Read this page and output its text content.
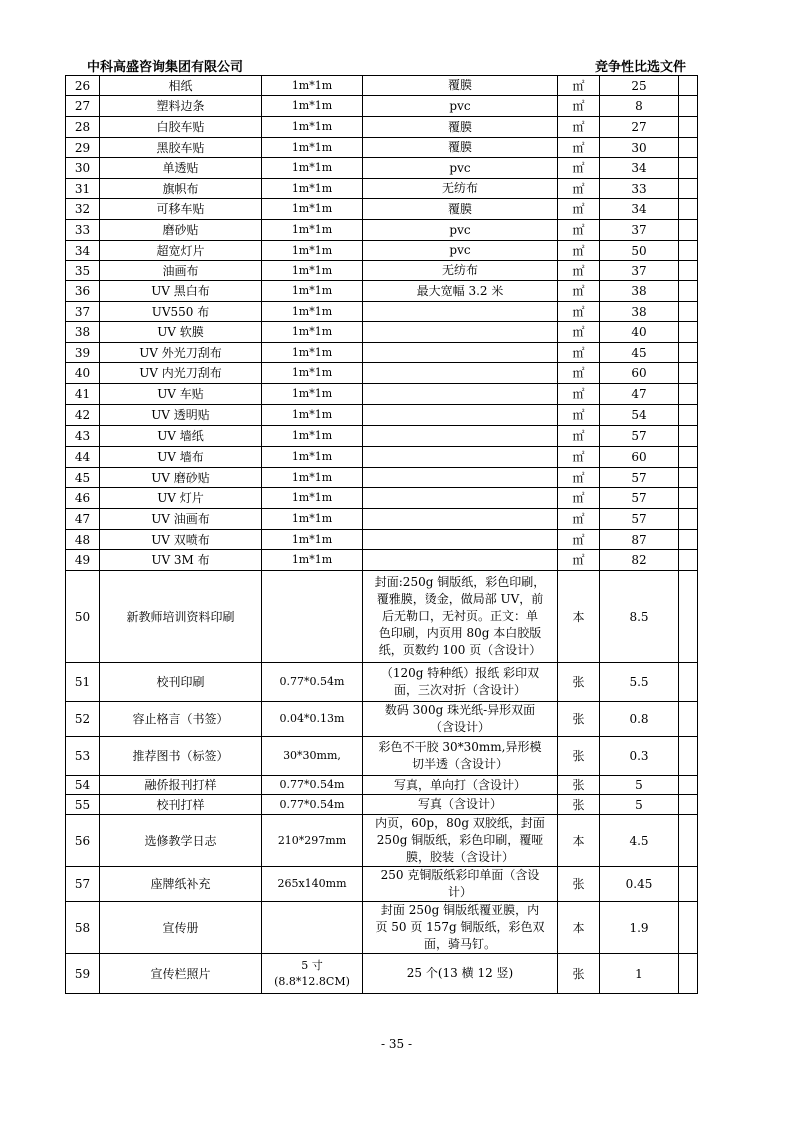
中科高盛咨询集团有限公司	竞争性比选文件
26	相纸	1m*1m	覆膜	㎡	25	
27	塑料边条	1m*1m	pvc	㎡	8	
28	白胶车贴	1m*1m	覆膜	㎡	27	
29	黑胶车贴	1m*1m	覆膜	㎡	30	
30	单透贴	1m*1m	pvc	㎡	34	
31	旗帜布	1m*1m	无纺布	㎡	33	
32	可移车贴	1m*1m	覆膜	㎡	34	
33	磨砂贴	1m*1m	pvc	㎡	37	
34	超宽灯片	1m*1m	pvc	㎡	50	
35	油画布	1m*1m	无纺布	㎡	37	
36	UV 黑白布	1m*1m	最大宽幅 3.2 米	㎡	38	
37	UV550 布	1m*1m		㎡	38	
38	UV 软膜	1m*1m		㎡	40	
39	UV 外光刀刮布	1m*1m		㎡	45	
40	UV 内光刀刮布	1m*1m		㎡	60	
41	UV 车贴	1m*1m		㎡	47	
42	UV 透明贴	1m*1m		㎡	54	
43	UV 墙纸	1m*1m		㎡	57	
44	UV 墙布	1m*1m		㎡	60	
45	UV 磨砂贴	1m*1m		㎡	57	
46	UV 灯片	1m*1m		㎡	57	
47	UV 油画布	1m*1m		㎡	57	
48	UV 双喷布	1m*1m		㎡	87	
49	UV 3M 布	1m*1m		㎡	82	
50	新教师培训资料印刷		封面:250g 铜版纸，彩色印刷，
覆雅膜，烫金，做局部 UV，前
后无勒口，无衬页。正文：单
色印刷，内页用 80g 本白胶版
纸，页数约 100 页（含设计）	本	8.5	
51	校刊印刷	0.77*0.54m	（120g 特种纸）报纸 彩印双
面，三次对折（含设计）	张	5.5	
52	容止格言（书签）	0.04*0.13m	数码 300g 珠光纸-异形双面
（含设计）	张	0.8	
53	推荐图书（标签）	30*30mm,	彩色不干胶 30*30mm,异形模
切半透（含设计）	张	0.3	
54	融侨报刊打样	0.77*0.54m	写真，单向打（含设计）	张	5	
55	校刊打样	0.77*0.54m	写真（含设计）	张	5	
56	选修教学日志	210*297mm	内页，60p，80g 双胶纸，封面
250g 铜版纸，彩色印刷，覆哑
膜，胶装（含设计）	本	4.5	
57	座牌纸补充	265x140mm	250 克铜版纸彩印单面（含设
计）	张	0.45	
58	宣传册		封面 250g 铜版纸覆亚膜，内
页 50 页 157g 铜版纸，彩色双
面，骑马钉。	本	1.9	
59	宣传栏照片	5 寸
(8.8*12.8CM)	25 个(13 横 12 竖)	张	1	
- 35 -
